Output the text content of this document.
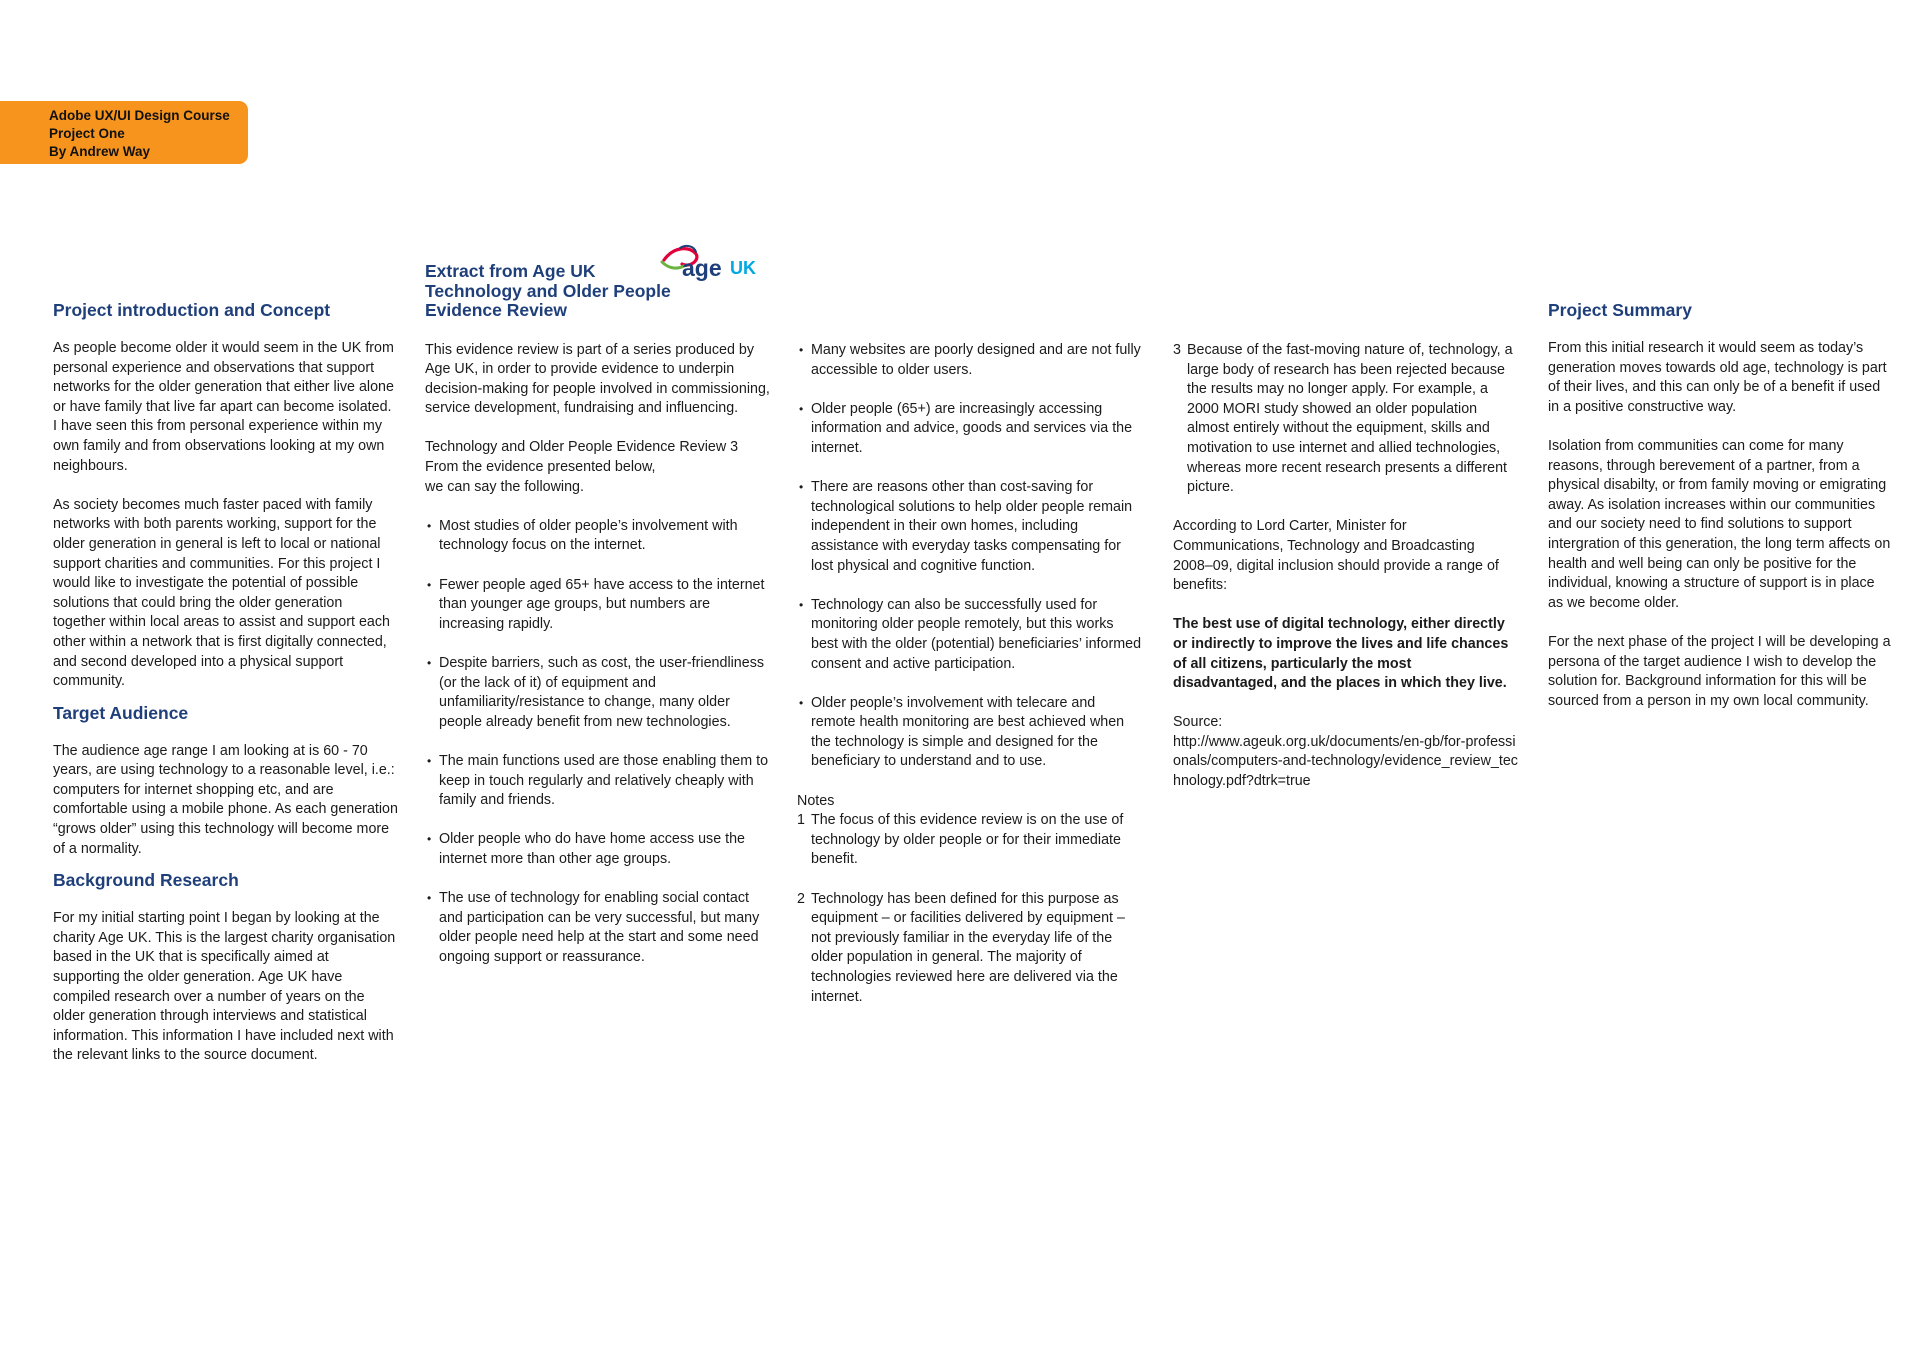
Adobe UX/UI Design Course
Project One
By Andrew Way
age UK
Project introduction and Concept

As people become older it would seem in the UK from personal experience and observations that support networks for the older generation that either live alone or have family that live far apart can become isolated. I have seen this from personal experience within my own family and from observations looking at my own neighbours.

As society becomes much faster paced with family networks with both parents working, support for the older generation in general is left to local or national support charities and communities. For this project I would like to investigate the potential of possible solutions that could bring the older generation together within local areas to assist and support each other within a network that is first digitally connected, and second developed into a physical support community.

Target Audience

The audience age range I am looking at is 60 - 70 years, are using technology to a reasonable level, i.e.: computers for internet shopping etc, and are comfortable using a mobile phone. As each generation “grows older” using this technology will become more of a normality.

Background Research

For my initial starting point I began by looking at the charity Age UK. This is the largest charity organisation based in the UK that is specifically aimed at supporting the older generation. Age UK have compiled research over a number of years on the older generation through interviews and statistical information. This information I have included next with the relevant links to the source document.

Extract from Age UK
Technology and Older People
Evidence Review

This evidence review is part of a series produced by Age UK, in order to provide evidence to underpin decision-making for people involved in commissioning, service development, fundraising and influencing.

Technology and Older People Evidence Review 3

From the evidence presented below,

we can say the following.

• Most studies of older people’s involvement with technology focus on the internet.

• Fewer people aged 65+ have access to the internet than younger age groups, but numbers are increasing rapidly.

• Despite barriers, such as cost, the user-friendliness (or the lack of it) of equipment and unfamiliarity/resistance to change, many older people already benefit from new technologies.

• The main functions used are those enabling them to keep in touch regularly and relatively cheaply with family and friends.

• Older people who do have home access use the internet more than other age groups.

• The use of technology for enabling social contact and participation can be very successful, but many older people need help at the start and some need ongoing support or reassurance.

• Many websites are poorly designed and are not fully accessible to older users.

• Older people (65+) are increasingly accessing information and advice, goods and services via the internet.

• There are reasons other than cost-saving for technological solutions to help older people remain independent in their own homes, including assistance with everyday tasks compensating for lost physical and cognitive function.

• Technology can also be successfully used for monitoring older people remotely, but this works best with the older (potential) beneficiaries’ informed consent and active participation.

• Older people’s involvement with telecare and remote health monitoring are best achieved when the technology is simple and designed for the beneficiary to understand and to use.

Notes

1 The focus of this evidence review is on the use of technology by older people or for their immediate benefit.
2 Technology has been defined for this purpose as equipment – or facilities delivered by equipment – not previously familiar in the everyday life of the older population in general. The majority of technologies reviewed here are delivered via the internet.
3 Because of the fast-moving nature of, technology, a large body of research has been rejected because the results may no longer apply. For example, a 2000 MORI study showed an older population almost entirely without the equipment, skills and motivation to use internet and allied technologies, whereas more recent research presents a different picture.

According to Lord Carter, Minister for Communications, Technology and Broadcasting 2008–09, digital inclusion should provide a range of benefits:

The best use of digital technology, either directly or indirectly to improve the lives and life chances of all citizens, particularly the most disadvantaged, and the places in which they live.

Source:

http://www.ageuk.org.uk/documents/en-gb/for-professionals/computers-and-technology/evidence_review_technology.pdf?dtrk=true

Project Summary

From this initial research it would seem as today’s generation moves towards old age, technology is part of their lives, and this can only be of a benefit if used in a positive constructive way.

Isolation from communities can come for many reasons, through berevement of a partner, from a physical disabilty, or from family moving or emigrating away. As isolation increases within our communities and our society need to find solutions to support intergration of this generation, the long term affects on health and well being can only be positive for the individual, knowing a structure of support is in place as we become older.

For the next phase of the project I will be developing a persona of the target audience I wish to develop the solution for. Background information for this will be sourced from a person in my own local community.
